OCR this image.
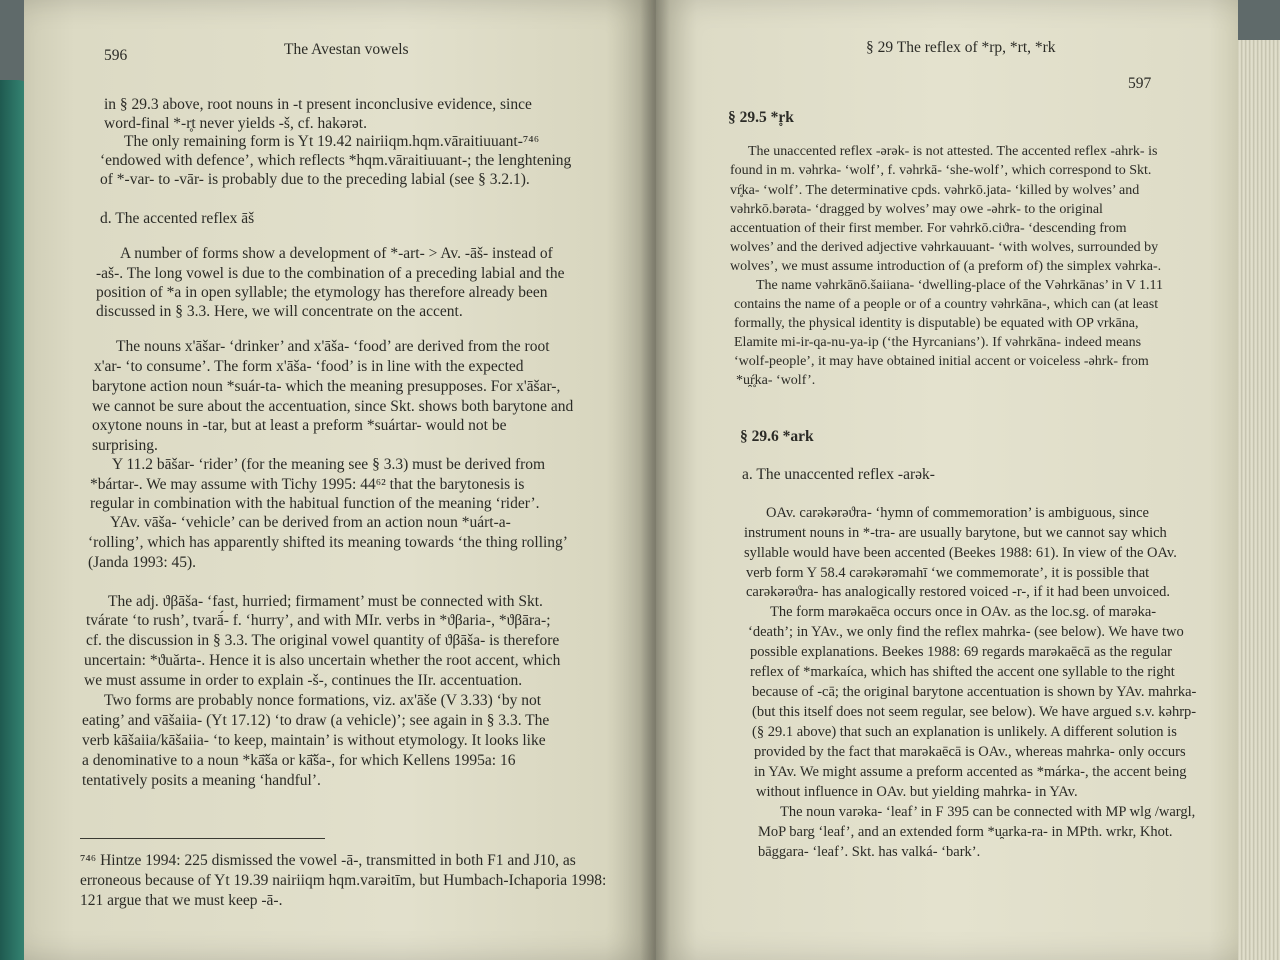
596	The Avestan vowels

in § 29.3 above, root nouns in -t present inconclusive evidence, since

word-final *-r̥t never yields -š, cf. hakərət.

The only remaining form is Yt 19.42 nairiiqm.hqm.vāraitiuuant-⁷⁴⁶

‘endowed with defence’, which reflects *hqm.vāraitiuuant-; the lenghtening

of *-var- to -vār- is probably due to the preceding labial (see § 3.2.1).

d. The accented reflex āš

A number of forms show a development of *-art- > Av. -āš- instead of

-aš-. The long vowel is due to the combination of a preceding labial and the

position of *a in open syllable; the etymology has therefore already been

discussed in § 3.3. Here, we will concentrate on the accent.

The nouns x'āšar- ‘drinker’ and x'āša- ‘food’ are derived from the root

x'ar- ‘to consume’. The form x'āša- ‘food’ is in line with the expected

barytone action noun *suár-ta- which the meaning presupposes. For x'āšar-,

we cannot be sure about the accentuation, since Skt. shows both barytone and

oxytone nouns in -tar, but at least a preform *suártar- would not be

surprising.

Y 11.2 bāšar- ‘rider’ (for the meaning see § 3.3) must be derived from

*bártar-. We may assume with Tichy 1995: 44⁶² that the barytonesis is

regular in combination with the habitual function of the meaning ‘rider’.

YAv. vāša- ‘vehicle’ can be derived from an action noun *uárt-a-

‘rolling’, which has apparently shifted its meaning towards ‘the thing rolling’

(Janda 1993: 45).

The adj. ϑβāša- ‘fast, hurried; firmament’ must be connected with Skt.

tvárate ‘to rush’, tvarā́- f. ‘hurry’, and with MIr. verbs in *ϑβaria-, *ϑβāra-;

cf. the discussion in § 3.3. The original vowel quantity of ϑβāša- is therefore

uncertain: *ϑuărta-. Hence it is also uncertain whether the root accent, which

we must assume in order to explain -š-, continues the IIr. accentuation.

Two forms are probably nonce formations, viz. ax'āše (V 3.33) ‘by not

eating’ and vāšaiia- (Yt 17.12) ‘to draw (a vehicle)’; see again in § 3.3. The

verb kāšaiia/kāšaiia- ‘to keep, maintain’ is without etymology. It looks like

a denominative to a noun *kā̆ša or kā̆ša-, for which Kellens 1995a: 16

tentatively posits a meaning ‘handful’.

⁷⁴⁶ Hintze 1994: 225 dismissed the vowel -ā-, transmitted in both F1 and J10, as

erroneous because of Yt 19.39 nairiiqm hqm.varəitīm, but Humbach-Ichaporia 1998:

121 argue that we must keep -ā-.

§ 29 The reflex of *rp, *rt, *rk

597

§ 29.5 *r̥k

The unaccented reflex -ərək- is not attested. The accented reflex -ahrk- is

found in m. vəhrka- ‘wolf’, f. vəhrkā- ‘she-wolf’, which correspond to Skt.

vŕ̥ka- ‘wolf’. The determinative cpds. vəhrkō.jata- ‘killed by wolves’ and

vəhrkō.bərəta- ‘dragged by wolves’ may owe -əhrk- to the original

accentuation of their first member. For vəhrkō.ciϑra- ‘descending from

wolves’ and the derived adjective vəhrkauuant- ‘with wolves, surrounded by

wolves’, we must assume introduction of (a preform of) the simplex vəhrka-.

The name vəhrkānō.šaiiana- ‘dwelling-place of the Vəhrkānas’ in V 1.11

contains the name of a people or of a country vəhrkāna-, which can (at least

formally, the physical identity is disputable) be equated with OP vrkāna,

Elamite mi-ir-qa-nu-ya-ip (‘the Hyrcanians’). If vəhrkāna- indeed means

‘wolf-people’, it may have obtained initial accent or voiceless -əhrk- from

*u̯ŕ̥ka- ‘wolf’.

§ 29.6 *ark

a. The unaccented reflex -arək-

OAv. carəkərəϑra- ‘hymn of commemoration’ is ambiguous, since

instrument nouns in *-tra- are usually barytone, but we cannot say which

syllable would have been accented (Beekes 1988: 61). In view of the OAv.

verb form Y 58.4 carəkərəmahī ‘we commemorate’, it is possible that

carəkərəϑra- has analogically restored voiced -r-, if it had been unvoiced.

The form marəkaēca occurs once in OAv. as the loc.sg. of marəka-

‘death’; in YAv., we only find the reflex mahrka- (see below). We have two

possible explanations. Beekes 1988: 69 regards marəkaēcā as the regular

reflex of *markaíca, which has shifted the accent one syllable to the right

because of -cā; the original barytone accentuation is shown by YAv. mahrka-

(but this itself does not seem regular, see below). We have argued s.v. kəhrp-

(§ 29.1 above) that such an explanation is unlikely. A different solution is

provided by the fact that marəkaēcā is OAv., whereas mahrka- only occurs

in YAv. We might assume a preform accented as *márka-, the accent being

without influence in OAv. but yielding mahrka- in YAv.

The noun varəka- ‘leaf’ in F 395 can be connected with MP wlg /wargl,

MoP barg ‘leaf’, and an extended form *u̯arka-ra- in MPth. wrkr, Khot.

bāggara- ‘leaf’. Skt. has valká- ‘bark’.
